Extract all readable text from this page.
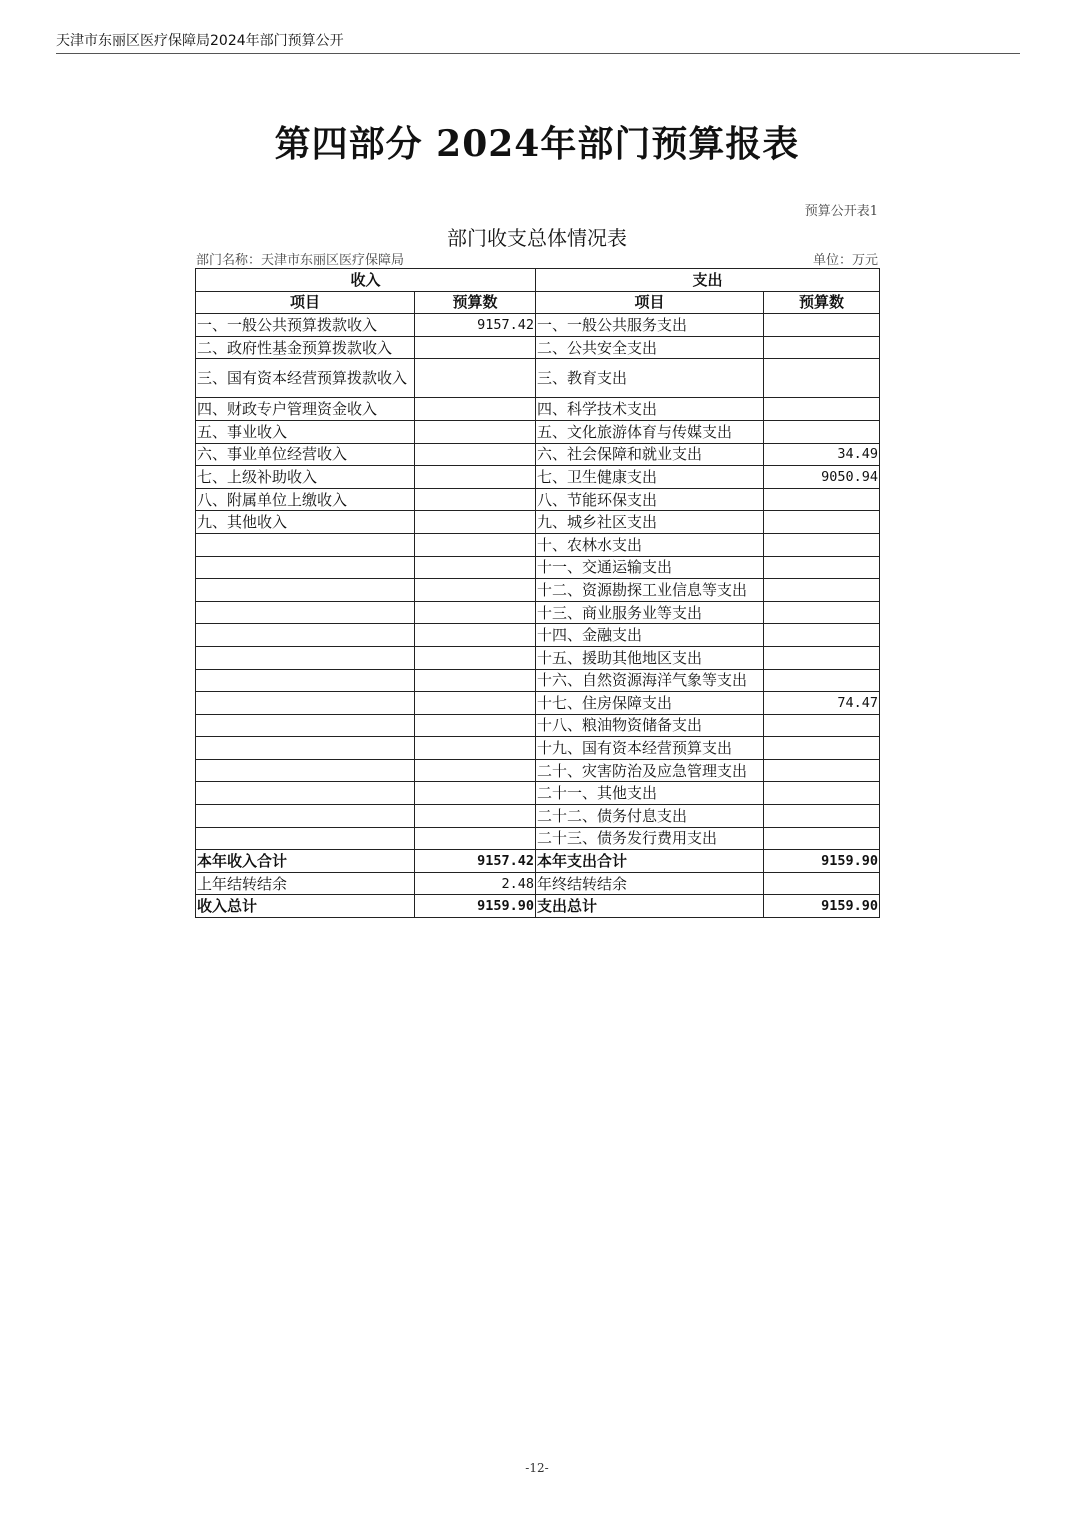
天津市东丽区医疗保障局2024年部门预算公开
第四部分 2024年部门预算报表
预算公开表1
部门收支总体情况表
部门名称：天津市东丽区医疗保障局	单位：万元
收入		支出	
项目	预算数	项目	预算数
一、一般公共预算拨款收入	9157.42	一、一般公共服务支出	
二、政府性基金预算拨款收入		二、公共安全支出	
三、国有资本经营预算拨款收入		三、教育支出	
四、财政专户管理资金收入		四、科学技术支出	
五、事业收入		五、文化旅游体育与传媒支出	
六、事业单位经营收入		六、社会保障和就业支出	34.49
七、上级补助收入		七、卫生健康支出	9050.94
八、附属单位上缴收入		八、节能环保支出	
九、其他收入		九、城乡社区支出	
		十、农林水支出	
		十一、交通运输支出	
		十二、资源勘探工业信息等支出	
		十三、商业服务业等支出	
		十四、金融支出	
		十五、援助其他地区支出	
		十六、自然资源海洋气象等支出	
		十七、住房保障支出	74.47
		十八、粮油物资储备支出	
		十九、国有资本经营预算支出	
		二十、灾害防治及应急管理支出	
		二十一、其他支出	
		二十二、债务付息支出	
		二十三、债务发行费用支出	
本年收入合计	9157.42	本年支出合计	9159.90
上年结转结余	2.48	年终结转结余	
收入总计	9159.90	支出总计	9159.90
-12-
